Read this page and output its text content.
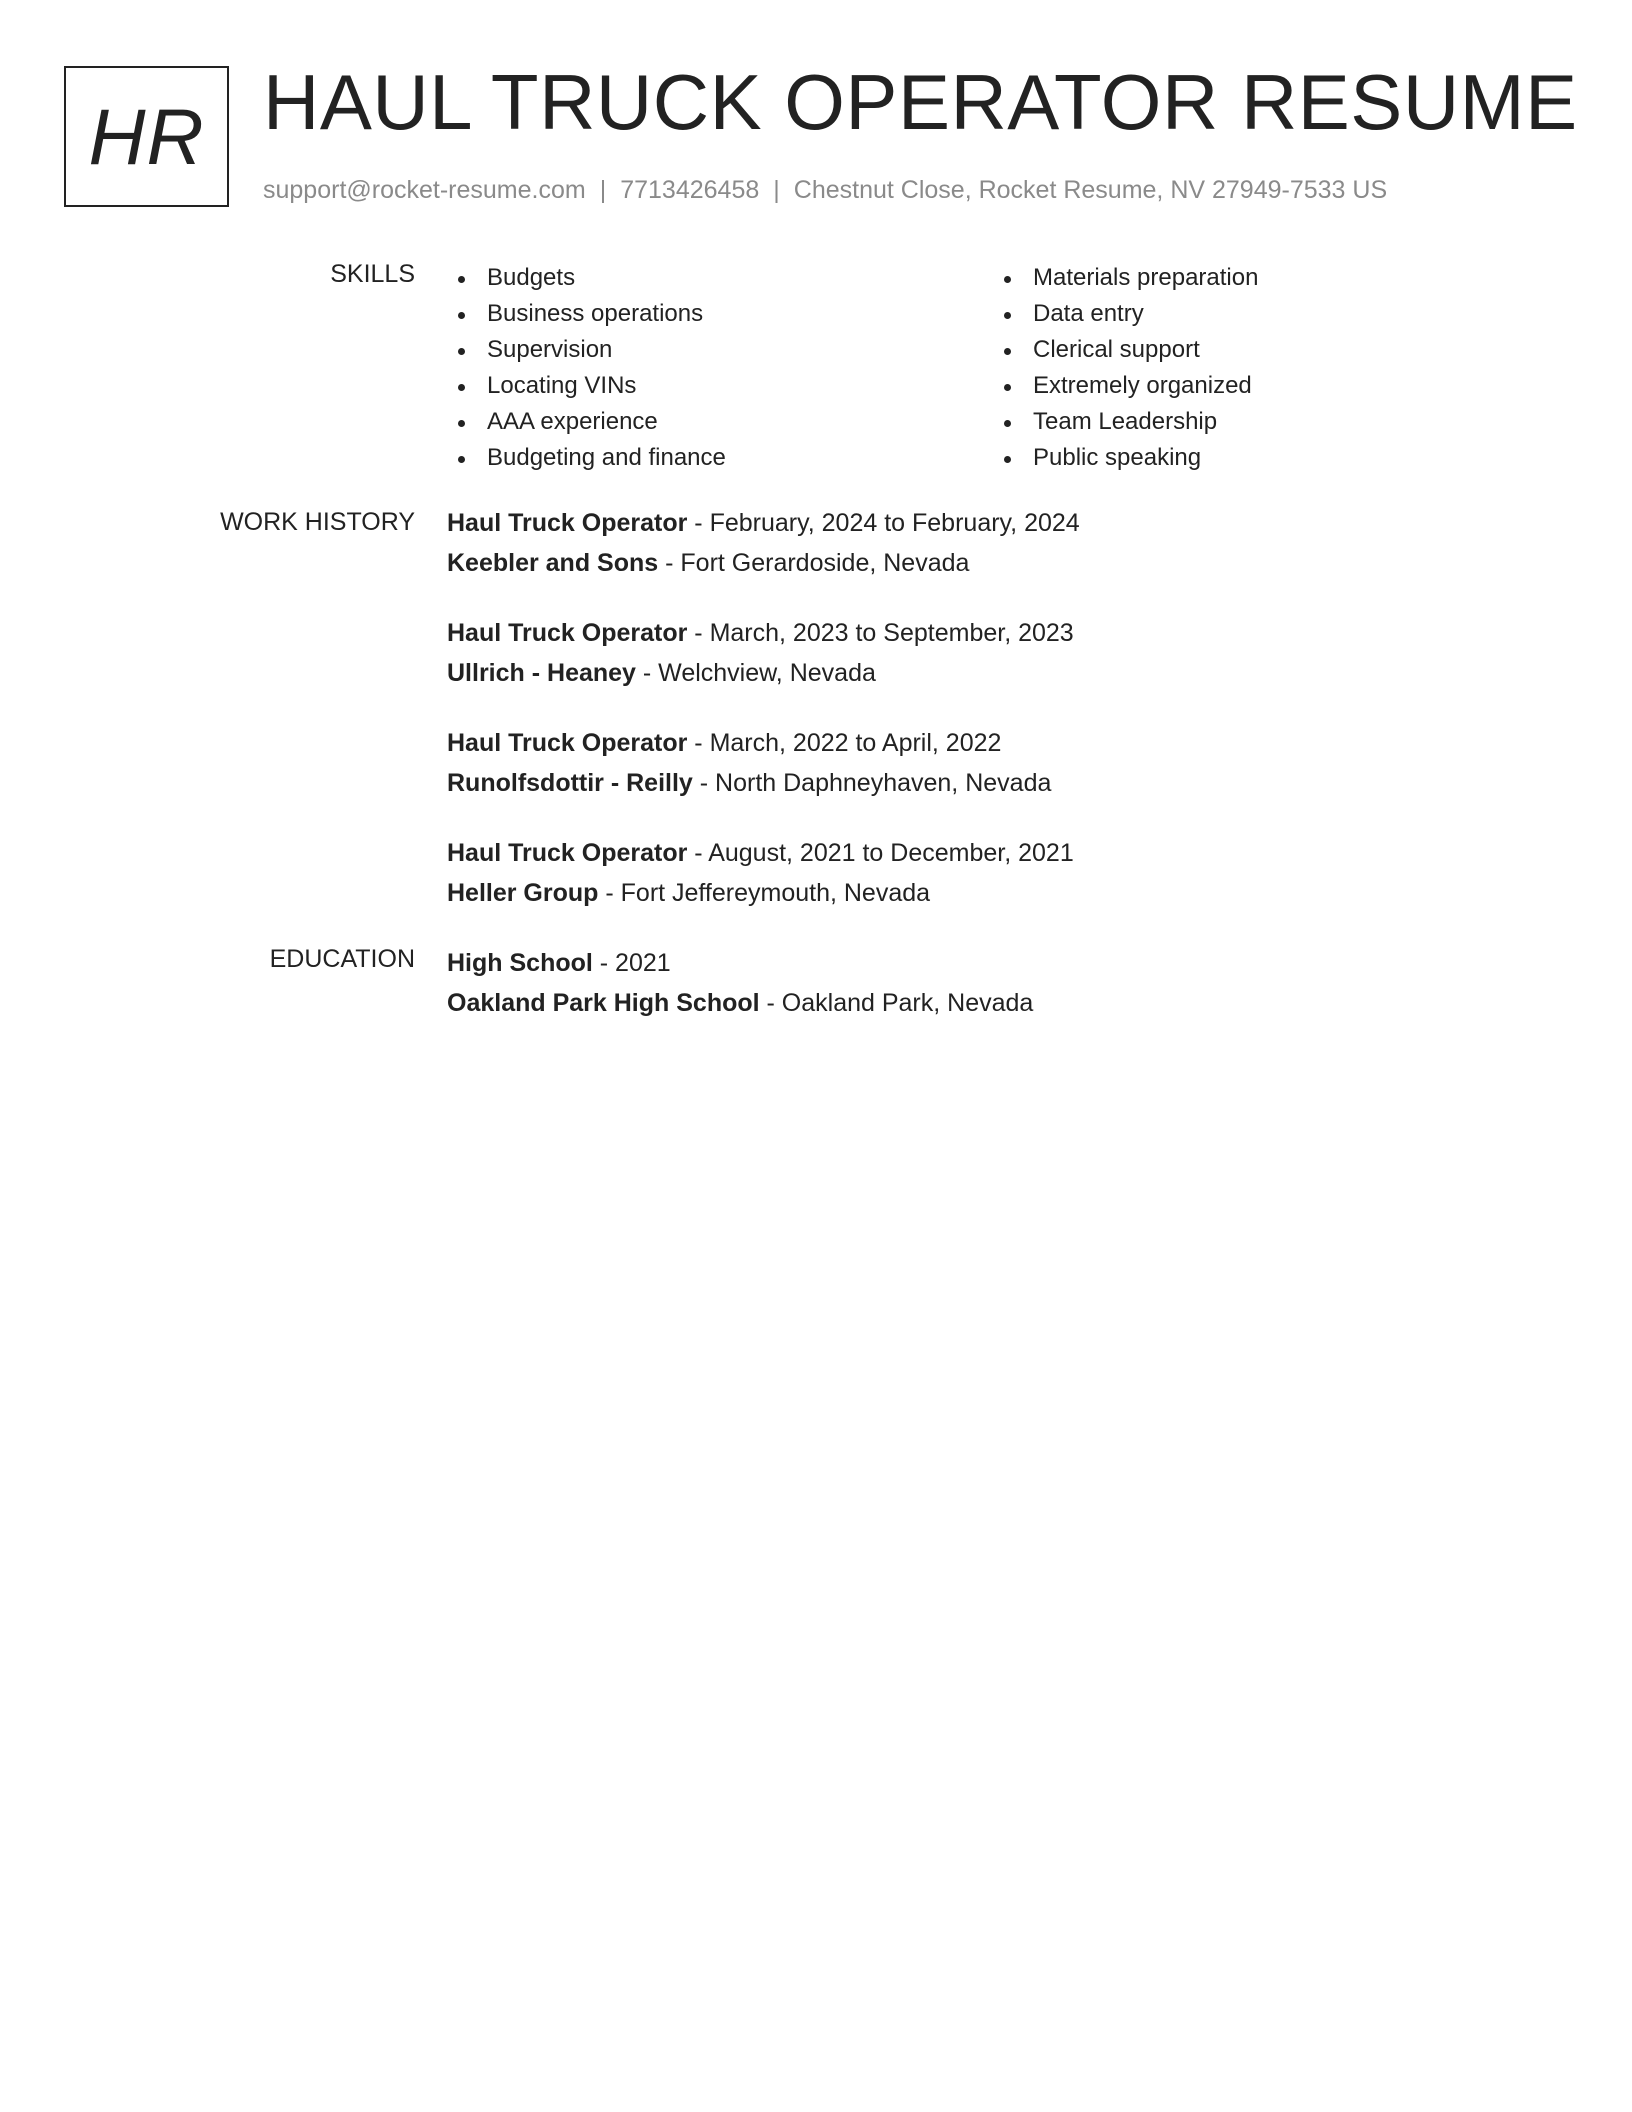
HR HAUL TRUCK OPERATOR RESUME
support@rocket-resume.com | 7713426458 | Chestnut Close, Rocket Resume, NV 27949-7533 US
SKILLS	Budgets
Business operations
Supervision
Locating VINs
AAA experience
Budgeting and finance
Materials preparation
Data entry
Clerical support
Extremely organized
Team Leadership
Public speaking
WORK HISTORY Haul Truck Operator - February, 2024 to February, 2024
Keebler and Sons - Fort Gerardoside, Nevada
Haul Truck Operator - March, 2023 to September, 2023
Ullrich - Heaney - Welchview, Nevada
Haul Truck Operator - March, 2022 to April, 2022
Runolfsdottir - Reilly - North Daphneyhaven, Nevada
Haul Truck Operator - August, 2021 to December, 2021
Heller Group - Fort Jeffereymouth, Nevada
EDUCATION High School - 2021
Oakland Park High School - Oakland Park, Nevada
